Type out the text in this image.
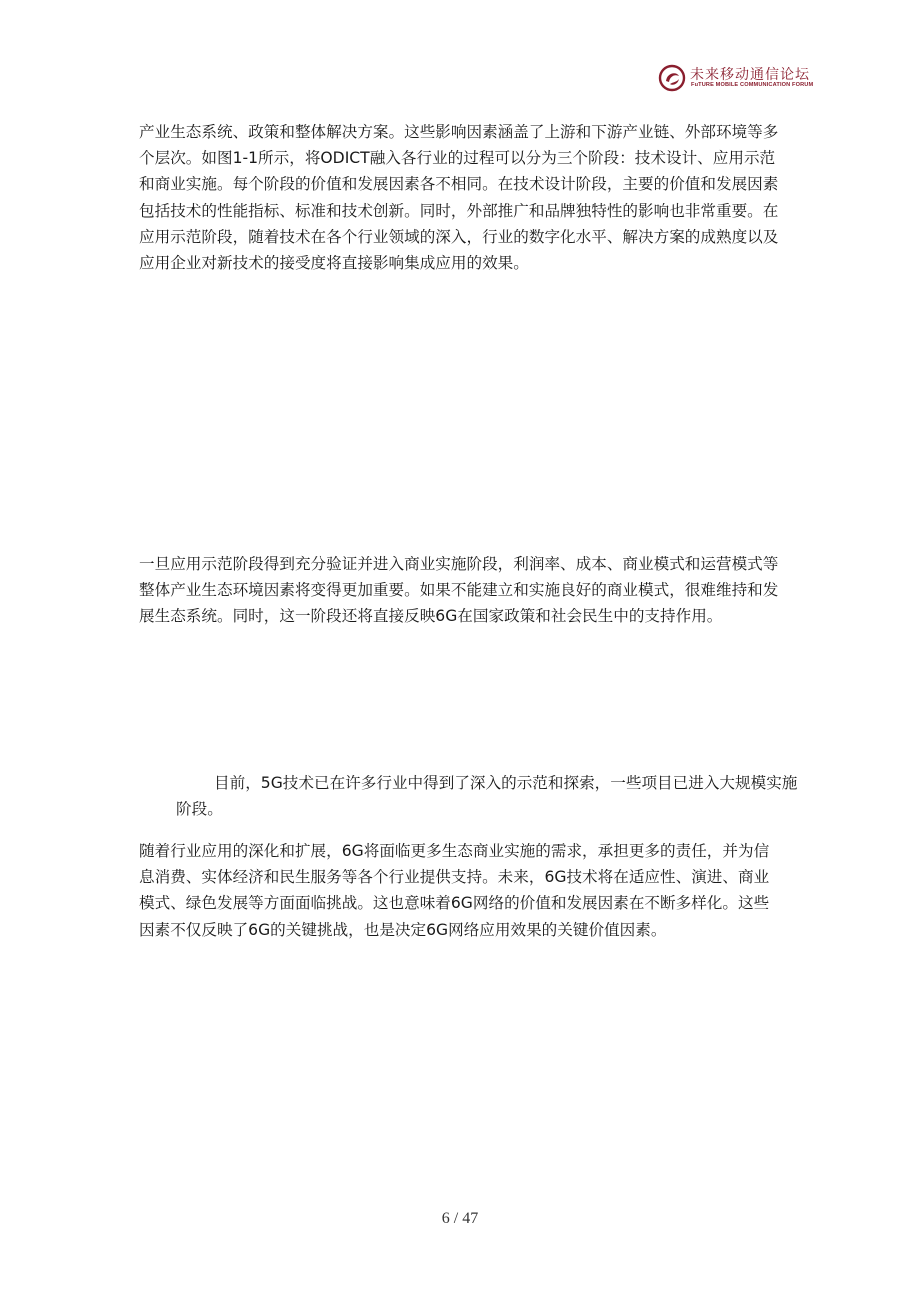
未来移动通信论坛
FuTURE MOBILE COMMUNICATION FORUM

产业生态系统、政策和整体解决方案。这些影响因素涵盖了上游和下游产业链、外部环境等多个层次。如图1-1所示，将ODICT融入各行业的过程可以分为三个阶段：技术设计、应用示范和商业实施。每个阶段的价值和发展因素各不相同。在技术设计阶段，主要的价值和发展因素包括技术的性能指标、标准和技术创新。同时，外部推广和品牌独特性的影响也非常重要。在应用示范阶段，随着技术在各个行业领域的深入，行业的数字化水平、解决方案的成熟度以及应用企业对新技术的接受度将直接影响集成应用的效果。

一旦应用示范阶段得到充分验证并进入商业实施阶段，利润率、成本、商业模式和运营模式等整体产业生态环境因素将变得更加重要。如果不能建立和实施良好的商业模式，很难维持和发展生态系统。同时，这一阶段还将直接反映6G在国家政策和社会民生中的支持作用。

目前，5G技术已在许多行业中得到了深入的示范和探索，一些项目已进入大规模实施阶段。

随着行业应用的深化和扩展，6G将面临更多生态商业实施的需求，承担更多的责任，并为信息消费、实体经济和民生服务等各个行业提供支持。未来，6G技术将在适应性、演进、商业模式、绿色发展等方面面临挑战。这也意味着6G网络的价值和发展因素在不断多样化。这些因素不仅反映了6G的关键挑战，也是决定6G网络应用效果的关键价值因素。

6 / 47
